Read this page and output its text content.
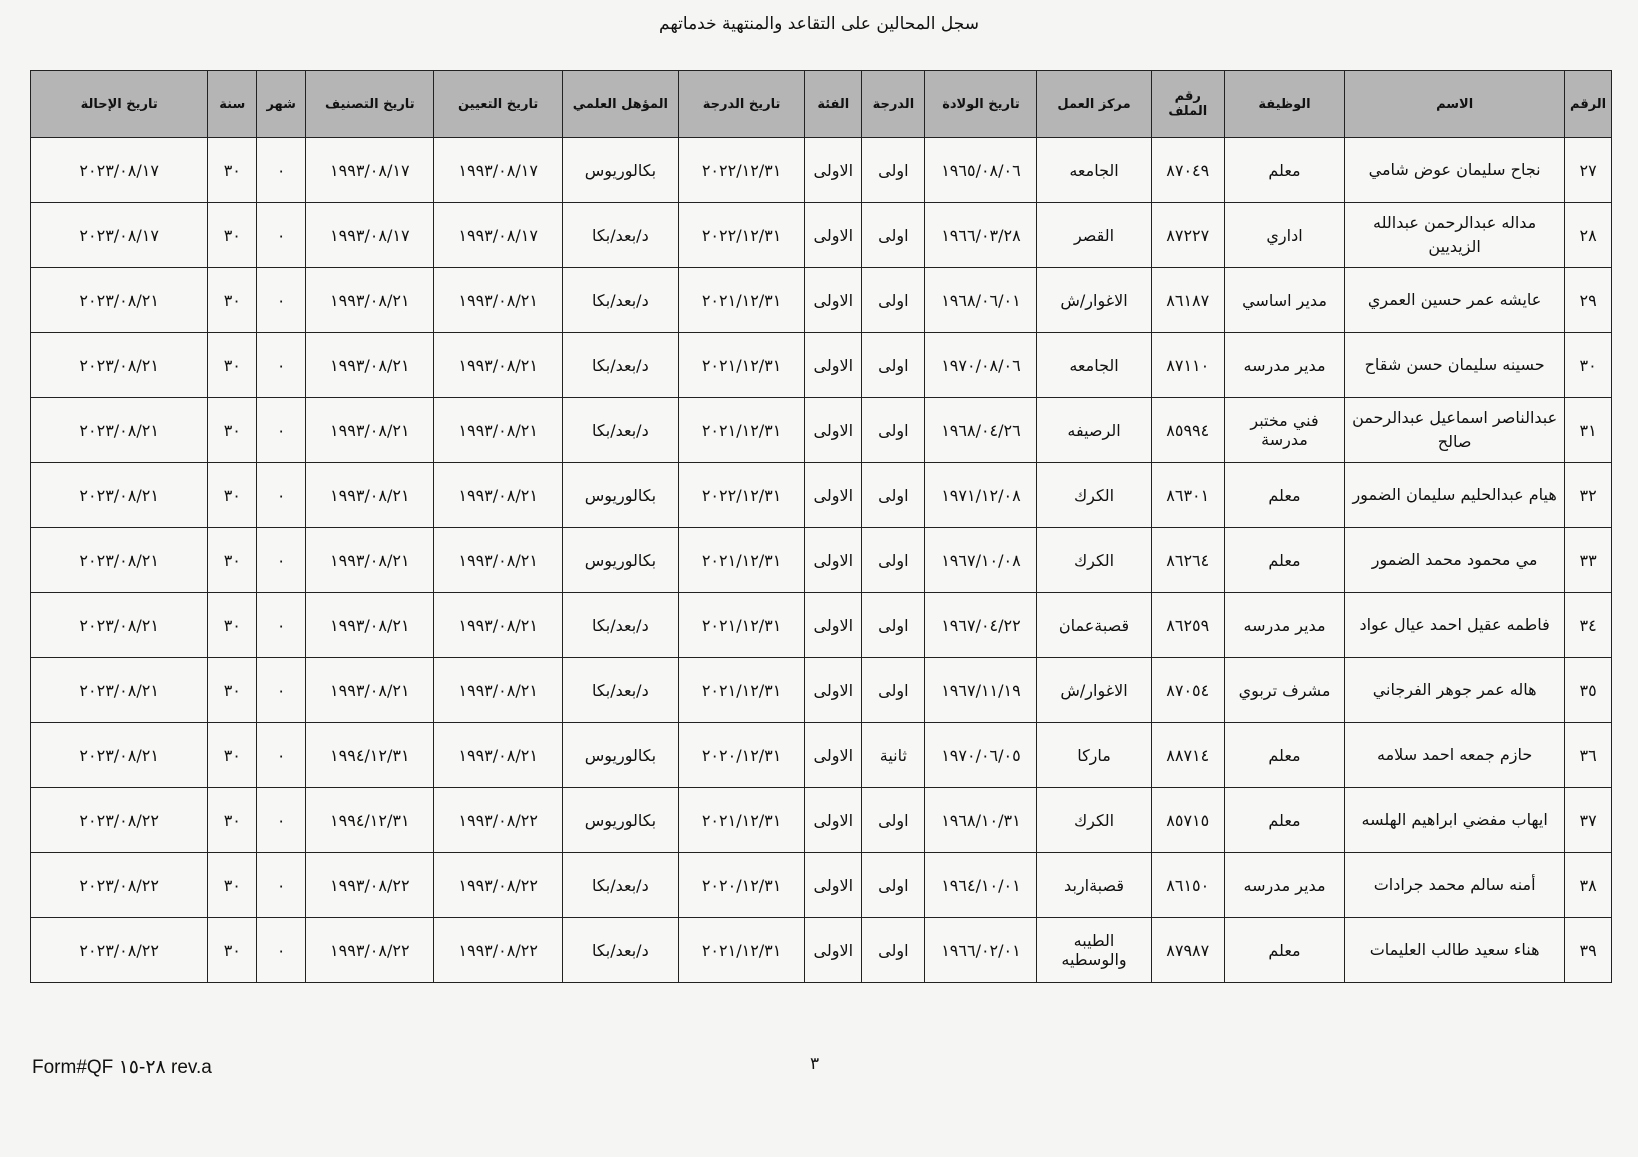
سجل المحالين على التقاعد والمنتهية خدماتهم
الرقم	الاسم	الوظيفة	رقم الملف	مركز العمل	تاريخ الولادة	الدرجة	الفئة	تاريخ الدرجة	المؤهل العلمي	تاريخ التعيين	تاريخ التصنيف	شهر	سنة	تاريخ الإحالة
٢٧	نجاح سليمان عوض شامي	معلم	٨٧٠٤٩	الجامعه	١٩٦٥/٠٨/٠٦	اولى	الاولى	٢٠٢٢/١٢/٣١	بكالوريوس	١٩٩٣/٠٨/١٧	١٩٩٣/٠٨/١٧	٠	٣٠	٢٠٢٣/٠٨/١٧
٢٨	مداله عبدالرحمن عبدالله الزيديين	اداري	٨٧٢٢٧	القصر	١٩٦٦/٠٣/٢٨	اولى	الاولى	٢٠٢٢/١٢/٣١	د/بعد/بكا	١٩٩٣/٠٨/١٧	١٩٩٣/٠٨/١٧	٠	٣٠	٢٠٢٣/٠٨/١٧
٢٩	عايشه عمر حسين العمري	مدير اساسي	٨٦١٨٧	الاغوار/ش	١٩٦٨/٠٦/٠١	اولى	الاولى	٢٠٢١/١٢/٣١	د/بعد/بكا	١٩٩٣/٠٨/٢١	١٩٩٣/٠٨/٢١	٠	٣٠	٢٠٢٣/٠٨/٢١
٣٠	حسينه سليمان حسن شقاح	مدير مدرسه	٨٧١١٠	الجامعه	١٩٧٠/٠٨/٠٦	اولى	الاولى	٢٠٢١/١٢/٣١	د/بعد/بكا	١٩٩٣/٠٨/٢١	١٩٩٣/٠٨/٢١	٠	٣٠	٢٠٢٣/٠٨/٢١
٣١	عبدالناصر اسماعيل عبدالرحمن صالح	فني مختبر مدرسة	٨٥٩٩٤	الرصيفه	١٩٦٨/٠٤/٢٦	اولى	الاولى	٢٠٢١/١٢/٣١	د/بعد/بكا	١٩٩٣/٠٨/٢١	١٩٩٣/٠٨/٢١	٠	٣٠	٢٠٢٣/٠٨/٢١
٣٢	هيام عبدالحليم سليمان الضمور	معلم	٨٦٣٠١	الكرك	١٩٧١/١٢/٠٨	اولى	الاولى	٢٠٢٢/١٢/٣١	بكالوريوس	١٩٩٣/٠٨/٢١	١٩٩٣/٠٨/٢١	٠	٣٠	٢٠٢٣/٠٨/٢١
٣٣	مي محمود محمد الضمور	معلم	٨٦٢٦٤	الكرك	١٩٦٧/١٠/٠٨	اولى	الاولى	٢٠٢١/١٢/٣١	بكالوريوس	١٩٩٣/٠٨/٢١	١٩٩٣/٠٨/٢١	٠	٣٠	٢٠٢٣/٠٨/٢١
٣٤	فاطمه عقيل احمد عيال عواد	مدير مدرسه	٨٦٢٥٩	قصبةعمان	١٩٦٧/٠٤/٢٢	اولى	الاولى	٢٠٢١/١٢/٣١	د/بعد/بكا	١٩٩٣/٠٨/٢١	١٩٩٣/٠٨/٢١	٠	٣٠	٢٠٢٣/٠٨/٢١
٣٥	هاله عمر جوهر الفرجاني	مشرف تربوي	٨٧٠٥٤	الاغوار/ش	١٩٦٧/١١/١٩	اولى	الاولى	٢٠٢١/١٢/٣١	د/بعد/بكا	١٩٩٣/٠٨/٢١	١٩٩٣/٠٨/٢١	٠	٣٠	٢٠٢٣/٠٨/٢١
٣٦	حازم جمعه احمد سلامه	معلم	٨٨٧١٤	ماركا	١٩٧٠/٠٦/٠٥	ثانية	الاولى	٢٠٢٠/١٢/٣١	بكالوريوس	١٩٩٣/٠٨/٢١	١٩٩٤/١٢/٣١	٠	٣٠	٢٠٢٣/٠٨/٢١
٣٧	ايهاب مفضي ابراهيم الهلسه	معلم	٨٥٧١٥	الكرك	١٩٦٨/١٠/٣١	اولى	الاولى	٢٠٢١/١٢/٣١	بكالوريوس	١٩٩٣/٠٨/٢٢	١٩٩٤/١٢/٣١	٠	٣٠	٢٠٢٣/٠٨/٢٢
٣٨	أمنه سالم محمد جرادات	مدير مدرسه	٨٦١٥٠	قصبةاربد	١٩٦٤/١٠/٠١	اولى	الاولى	٢٠٢٠/١٢/٣١	د/بعد/بكا	١٩٩٣/٠٨/٢٢	١٩٩٣/٠٨/٢٢	٠	٣٠	٢٠٢٣/٠٨/٢٢
٣٩	هناء سعيد طالب العليمات	معلم	٨٧٩٨٧	الطيبه والوسطيه	١٩٦٦/٠٢/٠١	اولى	الاولى	٢٠٢١/١٢/٣١	د/بعد/بكا	١٩٩٣/٠٨/٢٢	١٩٩٣/٠٨/٢٢	٠	٣٠	٢٠٢٣/٠٨/٢٢
Form#QF ٢٨-١٥ rev.a	٣
